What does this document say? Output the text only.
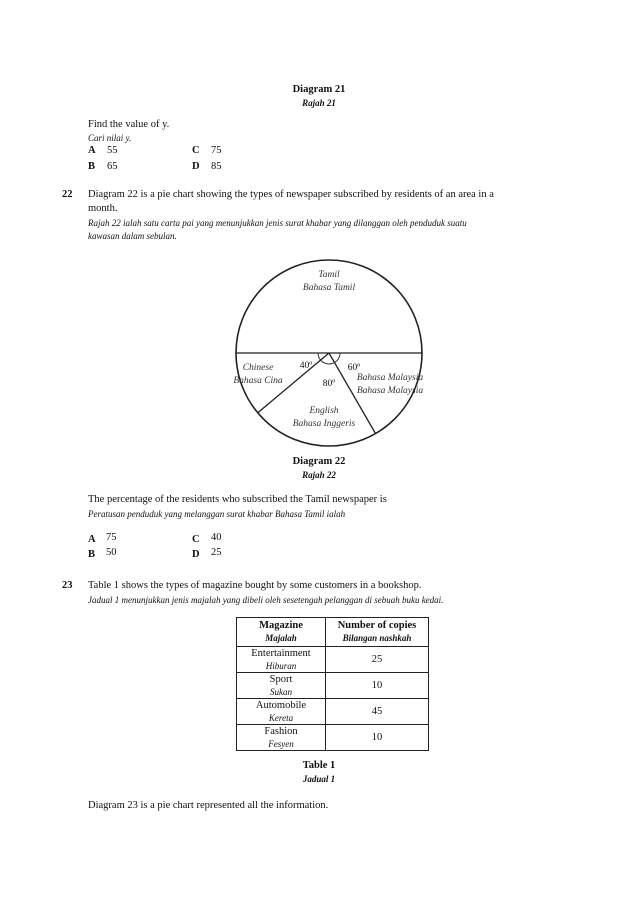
Diagram 21
Rajah 21
Find the value of y.
Cari nilai y.
A 55
B 65
C 75
D 85
22 Diagram 22 is a pie chart showing the types of newspaper subscribed by residents of an area in a
month.
Rajah 22 ialah satu carta pai yang menunjukkan jenis surat khabar yang dilanggan oleh penduduk suatu
kawasan dalam sebulan.
Tamil
Bahasa Tamil
Chinese
Bahasa Cina
English
Bahasa Inggeris
Bahasa Malaysia
Bahasa Malaysia
40º
80º
60º
Diagram 22
Rajah 22
The percentage of the residents who subscribed the Tamil newspaper is
Peratusan penduduk yang melanggan surat khabar Bahasa Tamil ialah
A 75
B 50
C 40
D 25
23 Table 1 shows the types of magazine bought by some customers in a bookshop.
Jadual 1 menunjukkan jenis majalah yang dibeli oleh sesetengah pelanggan di sebuah buku kedai.
Magazine
Majalah	Number of copies
Bilangan nashkah

Entertainment
Hiburan	25

Sport
Sukan	10

Automobile
Kereta	45

Fashion
Fesyen	10
Table 1
Jadual 1
Diagram 23 is a pie chart represented all the information.
